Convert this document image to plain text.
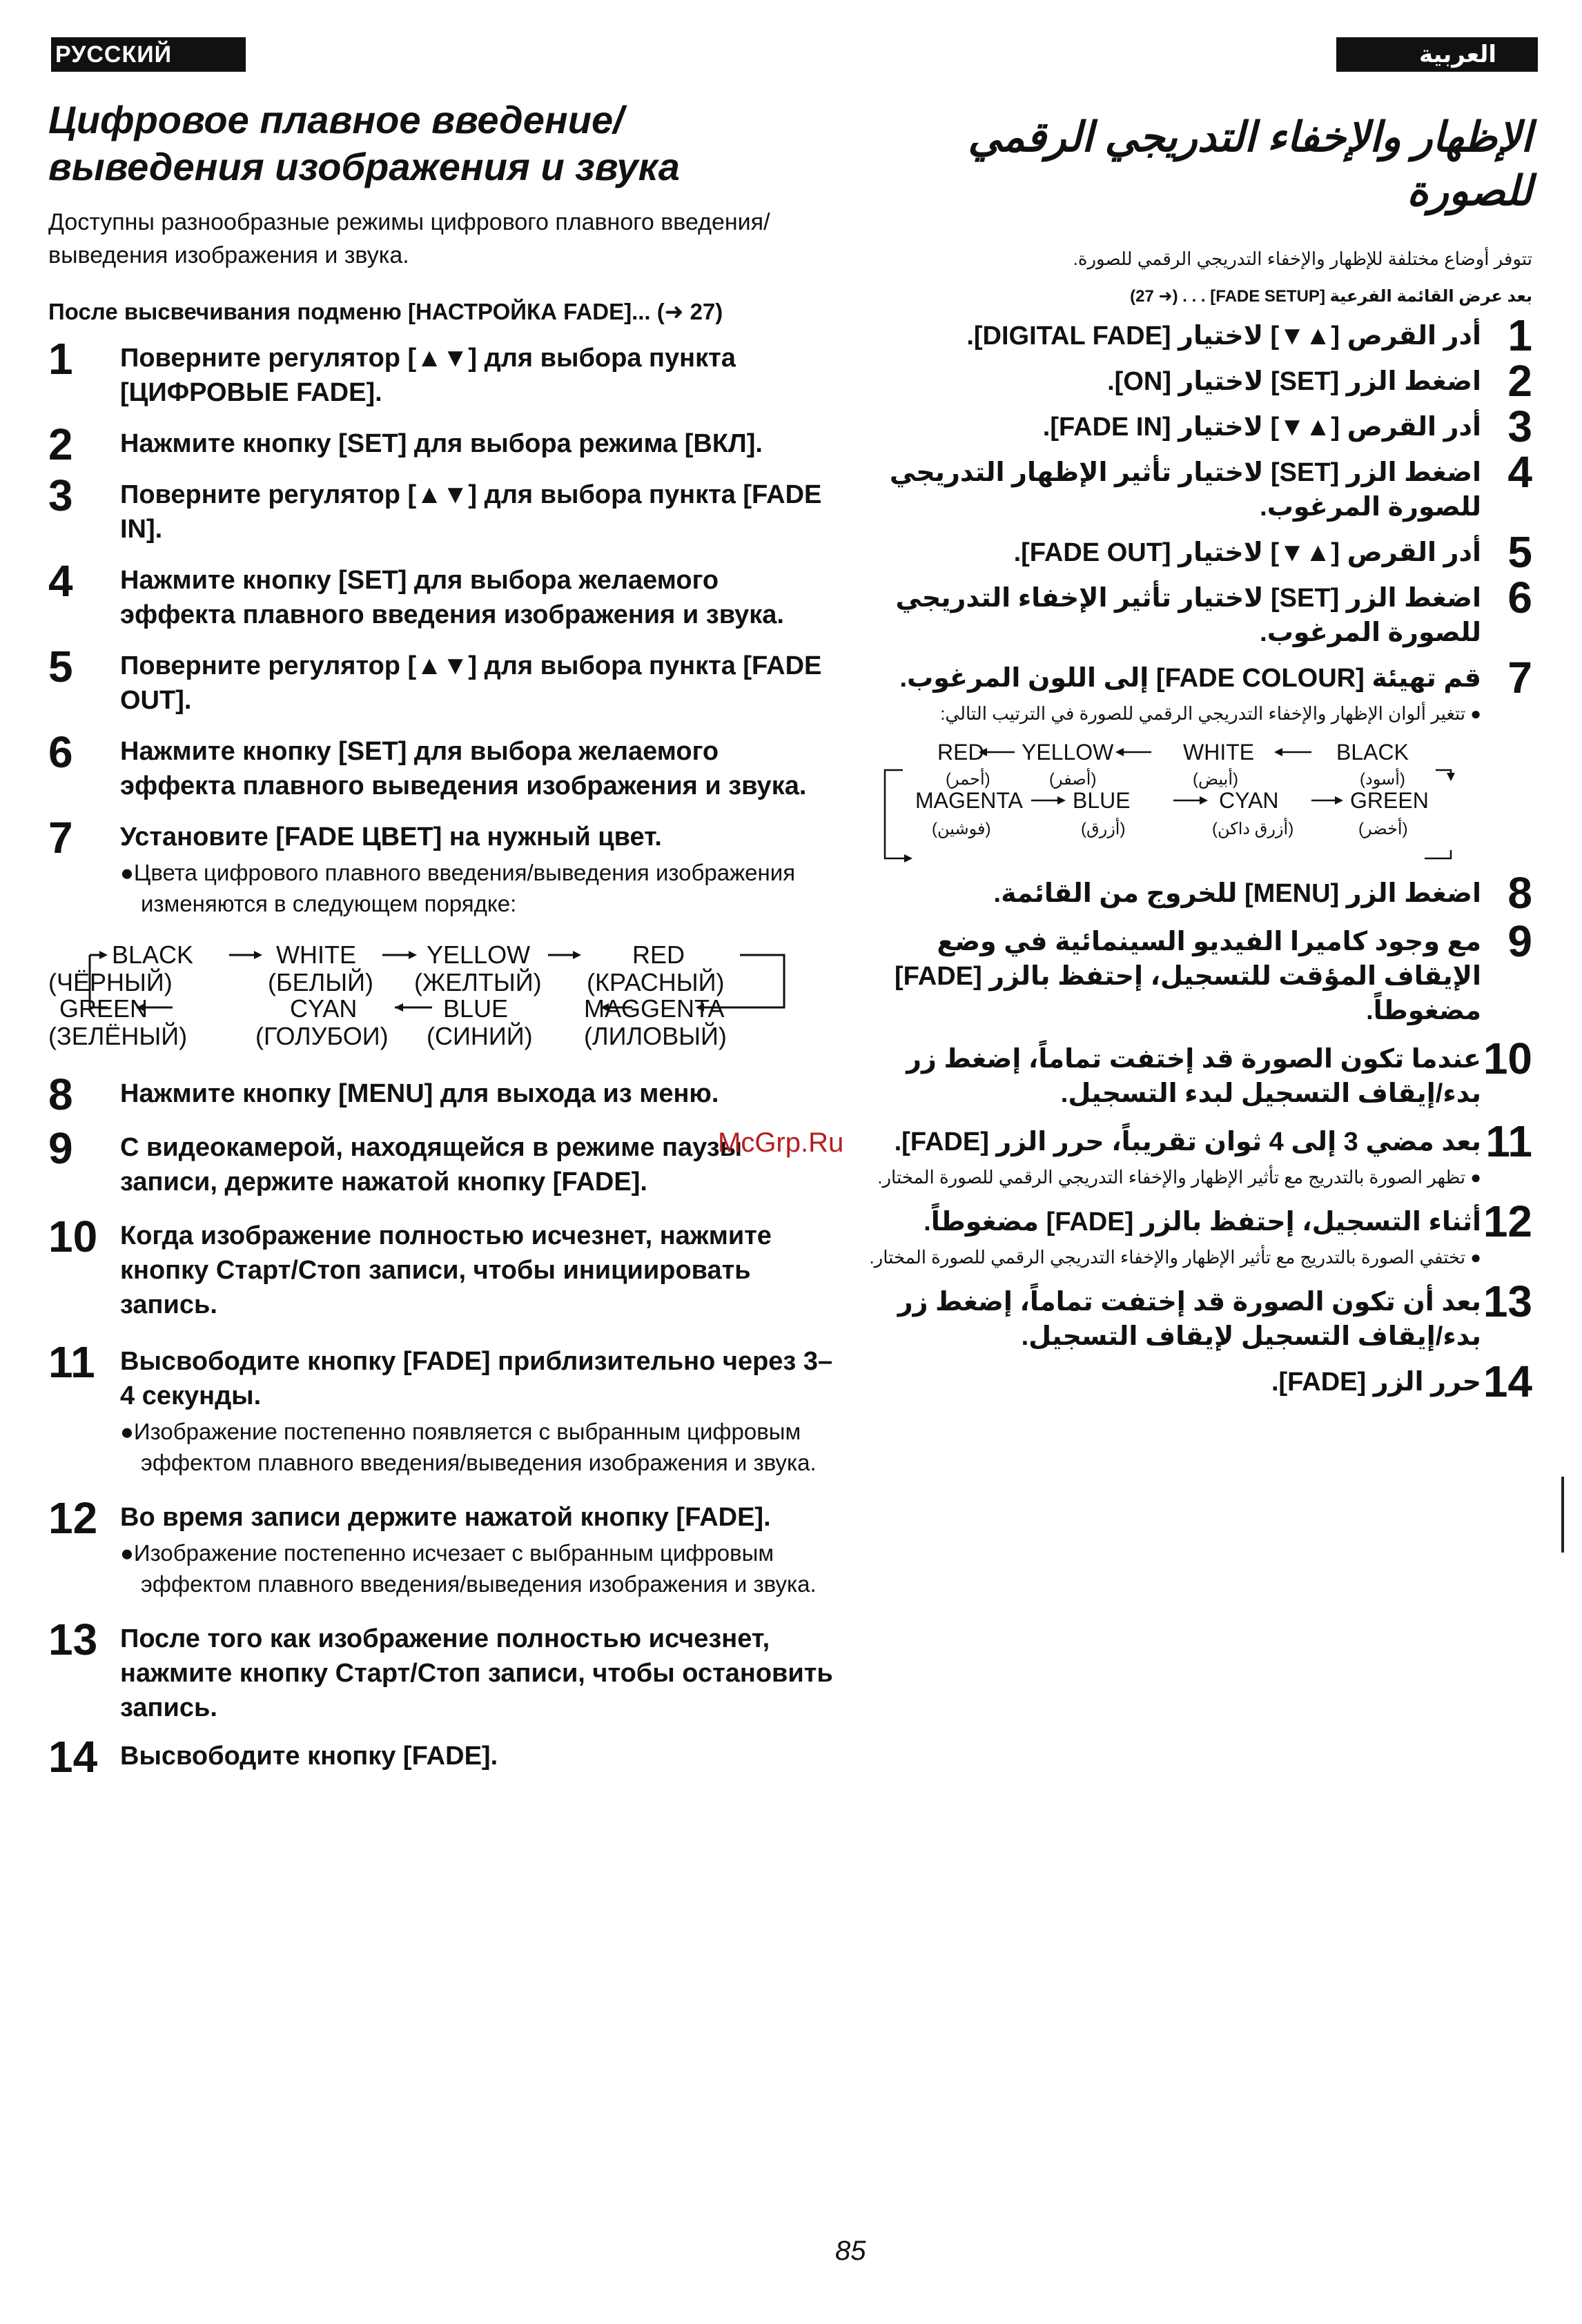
РУССКИЙ ЯЗЫК
العربية
Цифровое плавное введение/
выведения изображения и звука
Доступны разнообразные режимы цифрового плавного введения/выведения изображения и звука.
После высвечивания подменю [НАСТРОЙКА FADE]... (➜ 27)
1 Поверните регулятор [▲▼] для выбора пункта [ЦИФРОВЫЕ FADE].
2 Нажмите кнопку [SET] для выбора режима [ВКЛ].
3 Поверните регулятор [▲▼] для выбора пункта [FADE IN].
4 Нажмите кнопку [SET] для выбора желаемого эффекта плавного введения изображения и звука.
5 Поверните регулятор [▲▼] для выбора пункта [FADE OUT].
6 Нажмите кнопку [SET] для выбора желаемого эффекта плавного выведения изображения и звука.
7 Установите [FADE ЦВЕТ] на нужный цвет.
●Цвета цифрового плавного введения/выведения изображения изменяются в следующем порядке:
BLACK
(ЧЁРНЫЙ)
WHITE
(БЕЛЫЙ)
YELLOW
(ЖЕЛТЫЙ)
RED
(КРАСНЫЙ)
GREEN
(ЗЕЛЁНЫЙ)
CYAN
(ГОЛУБОИ)
BLUE
(СИНИЙ)
MAGGENTA
(ЛИЛОВЫЙ)
8 Нажмите кнопку [MENU] для выхода из меню.
9 С видеокамерой, находящейся в режиме паузы записи, держите нажатой кнопку [FADE].
10 Когда изображение полностью исчезнет, нажмите кнопку Старт/Стоп записи, чтобы инициировать запись.
11 Высвободите кнопку [FADE] приблизительно через 3–4 секунды.
●Изображение постепенно появляется с выбранным цифровым эффектом плавного введения/выведения изображения и звука.
12 Во время записи держите нажатой кнопку [FADE].
●Изображение постепенно исчезает с выбранным цифровым эффектом плавного введения/выведения изображения и звука.
13 После того как изображение полностью исчезнет, нажмите кнопку Старт/Стоп записи, чтобы остановить запись.
14 Высвободите кнопку [FADE].
الإظهار والإخفاء التدريجي الرقمي
للصورة
تتوفر أوضاع مختلفة للإظهار والإخفاء التدريجي الرقمي للصورة.
بعد عرض القائمة الفرعية [FADE SETUP] . . . (➜ 27)
1
أدر القرص [▲▼] لاختيار [DIGITAL FADE].
2
اضغط الزر [SET] لاختيار [ON].
3
أدر القرص [▲▼] لاختيار [FADE IN].
4
اضغط الزر [SET] لاختيار تأثير الإظهار التدريجي للصورة المرغوب.
5
أدر القرص [▲▼] لاختيار [FADE OUT].
6
اضغط الزر [SET] لاختيار تأثير الإخفاء التدريجي للصورة المرغوب.
7
قم تهيئة [FADE COLOUR] إلى اللون المرغوب.
● تتغير ألوان الإظهار والإخفاء التدريجي الرقمي للصورة في الترتيب التالي:
RED
(أحمر)
YELLOW
(أصفر)
WHITE
(أبيض)
BLACK
(أسود)
MAGENTA
(فوشين)
BLUE
(أزرق)
CYAN
(أزرق داكن)
GREEN
(أخضر)
8
اضغط الزر [MENU] للخروج من القائمة.
9
مع وجود كاميرا الفيديو السينمائية في وضع الإيقاف المؤقت للتسجيل، إحتفظ بالزر [FADE] مضغوطاً.
10
عندما تكون الصورة قد إختفت تماماً، إضغط زر بدء/إيقاف التسجيل لبدء التسجيل.
11
بعد مضي 3 إلى 4 ثوان تقريباً، حرر الزر [FADE].
● تظهر الصورة بالتدريج مع تأثير الإظهار والإخفاء التدريجي الرقمي للصورة المختار.
12
أثناء التسجيل، إحتفظ بالزر [FADE] مضغوطاً.
● تختفي الصورة بالتدريج مع تأثير الإظهار والإخفاء التدريجي الرقمي للصورة المختار.
13
بعد أن تكون الصورة قد إختفت تماماً، إضغط زر بدء/إيقاف التسجيل لإيقاف التسجيل.
14
حرر الزر [FADE].
McGrp.Ru
85
